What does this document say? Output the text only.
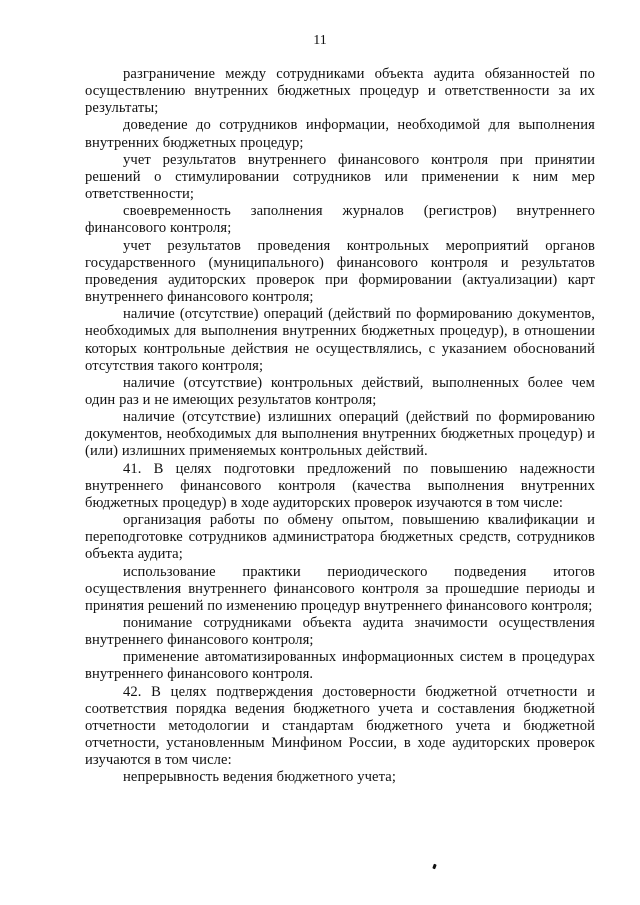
11

разграничение между сотрудниками объекта аудита обязанностей по осуществлению внутренних бюджетных процедур и ответственности за их результаты;

доведение до сотрудников информации, необходимой для выполнения внутренних бюджетных процедур;

учет результатов внутреннего финансового контроля при принятии решений о стимулировании сотрудников или применении к ним мер ответственности;

своевременность заполнения журналов (регистров) внутреннего финансового контроля;

учет результатов проведения контрольных мероприятий органов государственного (муниципального) финансового контроля и результатов проведения аудиторских проверок при формировании (актуализации) карт внутреннего финансового контроля;

наличие (отсутствие) операций (действий по формированию документов, необходимых для выполнения внутренних бюджетных процедур), в отношении которых контрольные действия не осуществлялись, с указанием обоснований отсутствия такого контроля;

наличие (отсутствие) контрольных действий, выполненных более чем один раз и не имеющих результатов контроля;

наличие (отсутствие) излишних операций (действий по формированию документов, необходимых для выполнения внутренних бюджетных процедур) и (или) излишних применяемых контрольных действий.

41. В целях подготовки предложений по повышению надежности внутреннего финансового контроля (качества выполнения внутренних бюджетных процедур) в ходе аудиторских проверок изучаются в том числе:

организация работы по обмену опытом, повышению квалификации и переподготовке сотрудников администратора бюджетных средств, сотрудников объекта аудита;

использование практики периодического подведения итогов осуществления внутреннего финансового контроля за прошедшие периоды и принятия решений по изменению процедур внутреннего финансового контроля;

понимание сотрудниками объекта аудита значимости осуществления внутреннего финансового контроля;

применение автоматизированных информационных систем в процедурах внутреннего финансового контроля.

42. В целях подтверждения достоверности бюджетной отчетности и соответствия порядка ведения бюджетного учета и составления бюджетной отчетности методологии и стандартам бюджетного учета и бюджетной отчетности, установленным Минфином России, в ходе аудиторских проверок изучаются в том числе:

непрерывность ведения бюджетного учета;
